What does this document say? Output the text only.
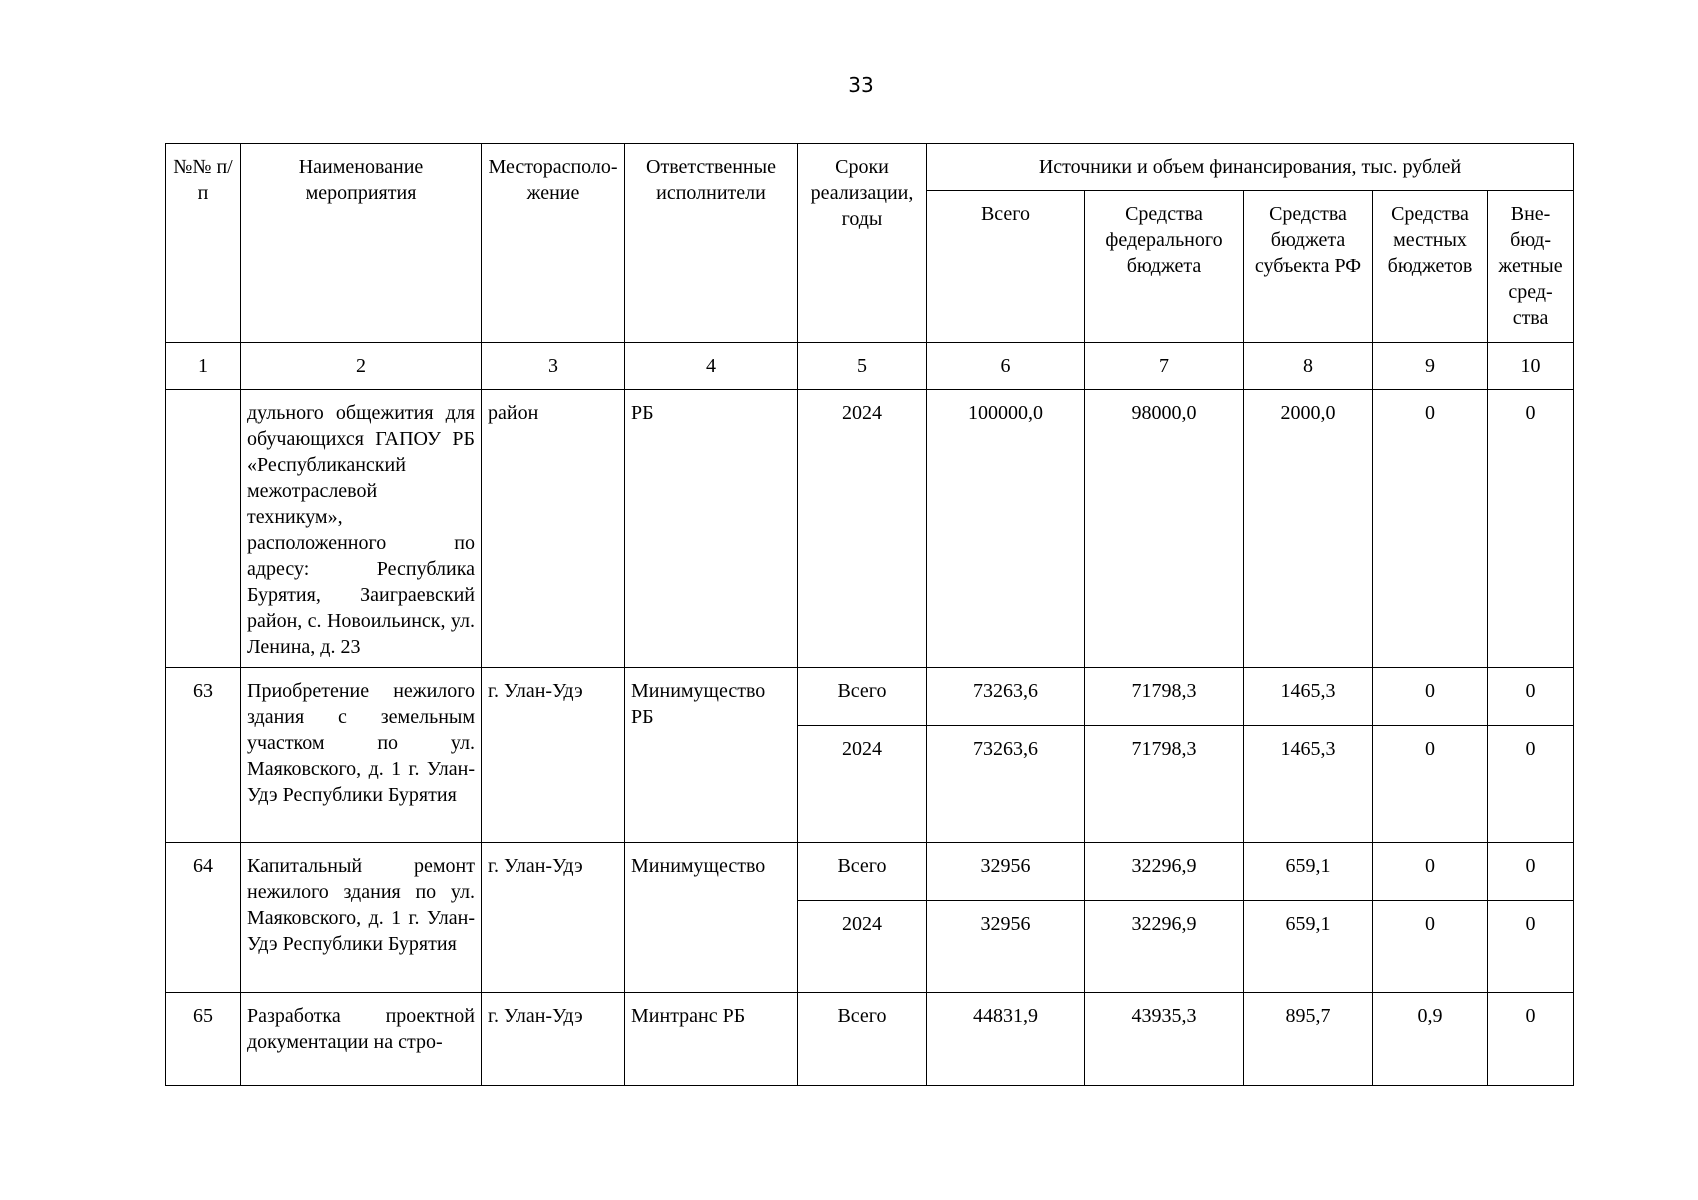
33
№№ п/п	Наименование мероприятия	Месторасполо-жение	Ответственные исполнители	Сроки реализации, годы	Источники и объем финансирования, тыс. рублей				
					Всего	Средства федерального бюджета	Средства бюджета субъекта РФ	Средства местных бюджетов	Вне-бюд-жетные сред-ства
1	2	3	4	5	6	7	8	9	10
	дульного общежития для обучающихся ГАПОУ РБ «Республиканский межотраслевой техникум», расположенного по адресу: Республика Бурятия, Заиграевский район, с. Новоильинск, ул. Ленина, д. 23	район	РБ	2024	100000,0	98000,0	2000,0	0	0
63	Приобретение нежилого здания с земельным участком по ул. Маяковского, д. 1 г. Улан-Удэ Республики Бурятия	г. Улан-Удэ	Минимущество РБ	Всего	73263,6	71798,3	1465,3	0	0
				2024	73263,6	71798,3	1465,3	0	0
64	Капитальный ремонт нежилого здания по ул. Маяковского, д. 1 г. Улан-Удэ Республики Бурятия	г. Улан-Удэ	Минимущество	Всего	32956	32296,9	659,1	0	0
				2024	32956	32296,9	659,1	0	0
65	Разработка проектной документации на стро-	г. Улан-Удэ	Минтранс РБ	Всего	44831,9	43935,3	895,7	0,9	0
